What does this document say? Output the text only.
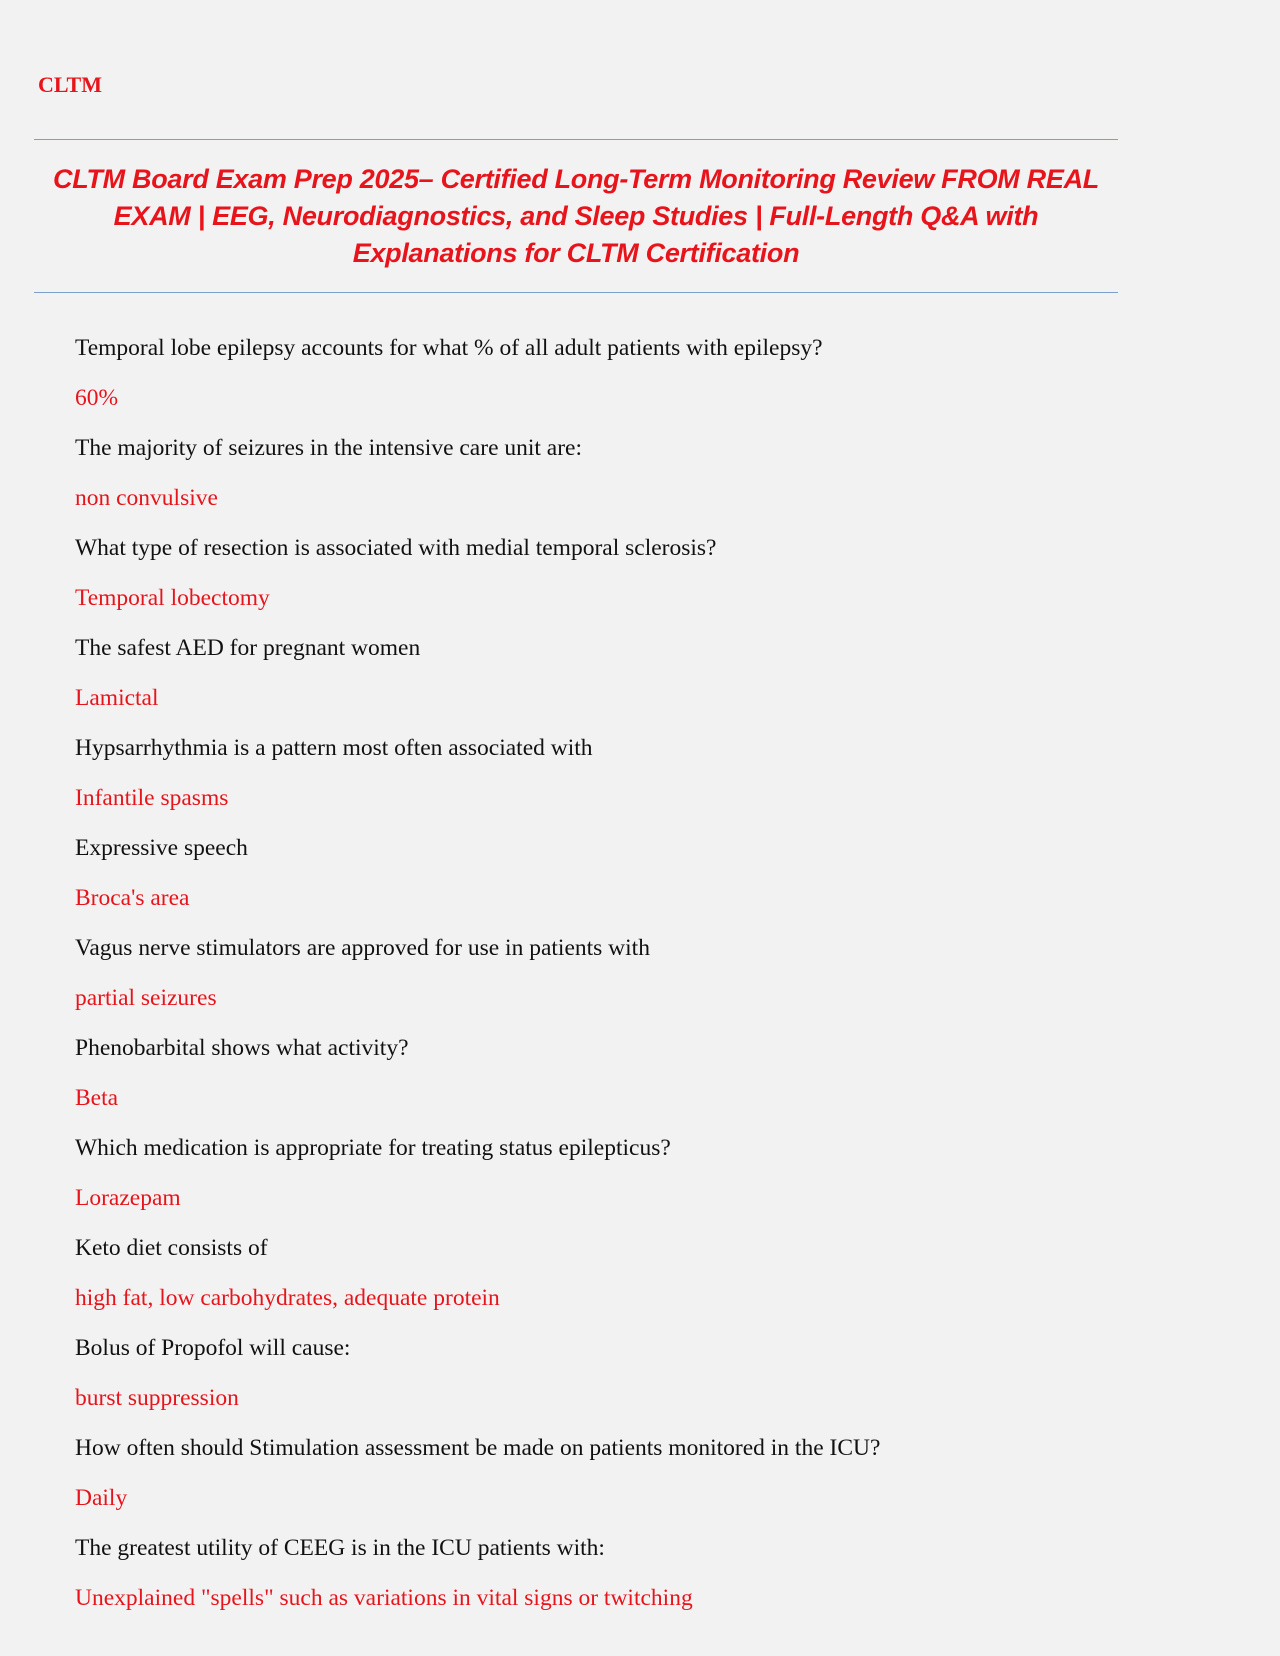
CLTM

CLTM Board Exam Prep 2025– Certified Long-Term Monitoring Review FROM REAL
EXAM | EEG, Neurodiagnostics, and Sleep Studies | Full-Length Q&A with
Explanations for CLTM Certification

Temporal lobe epilepsy accounts for what % of all adult patients with epilepsy?

60%

The majority of seizures in the intensive care unit are:

non convulsive

What type of resection is associated with medial temporal sclerosis?

Temporal lobectomy

The safest AED for pregnant women

Lamictal

Hypsarrhythmia is a pattern most often associated with

Infantile spasms

Expressive speech

Broca's area

Vagus nerve stimulators are approved for use in patients with

partial seizures

Phenobarbital shows what activity?

Beta

Which medication is appropriate for treating status epilepticus?

Lorazepam

Keto diet consists of

high fat, low carbohydrates, adequate protein

Bolus of Propofol will cause:

burst suppression

How often should Stimulation assessment be made on patients monitored in the ICU?

Daily

The greatest utility of CEEG is in the ICU patients with:

Unexplained "spells" such as variations in vital signs or twitching
